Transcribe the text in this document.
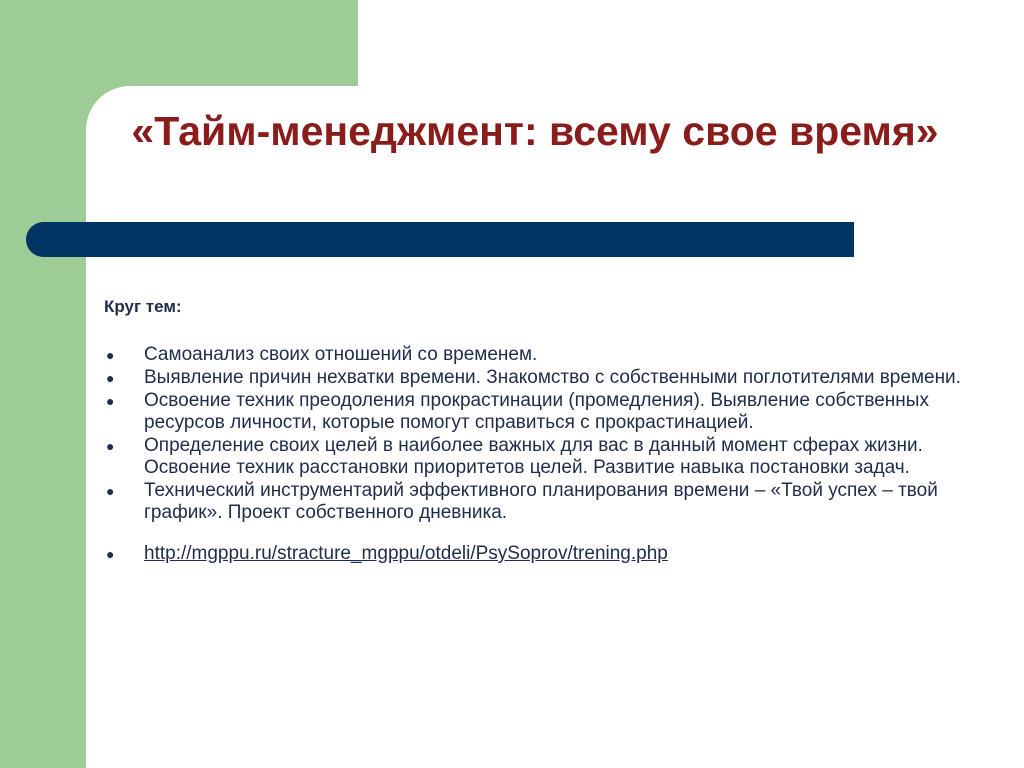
«Тайм-менеджмент: всему свое время»

Круг тем:

● Самоанализ своих отношений со временем.
● Выявление причин нехватки времени. Знакомство с собственными поглотителями времени.
● Освоение техник преодоления прокрастинации (промедления). Выявление собственных ресурсов личности, которые помогут справиться с прокрастинацией.
● Определение своих целей в наиболее важных для вас в данный момент сферах жизни. Освоение техник расстановки приоритетов целей. Развитие навыка постановки задач.
● Технический инструментарий эффективного планирования времени – «Твой успех – твой график». Проект собственного дневника.
● http://mgppu.ru/stracture_mgppu/otdeli/PsySoprov/trening.php
